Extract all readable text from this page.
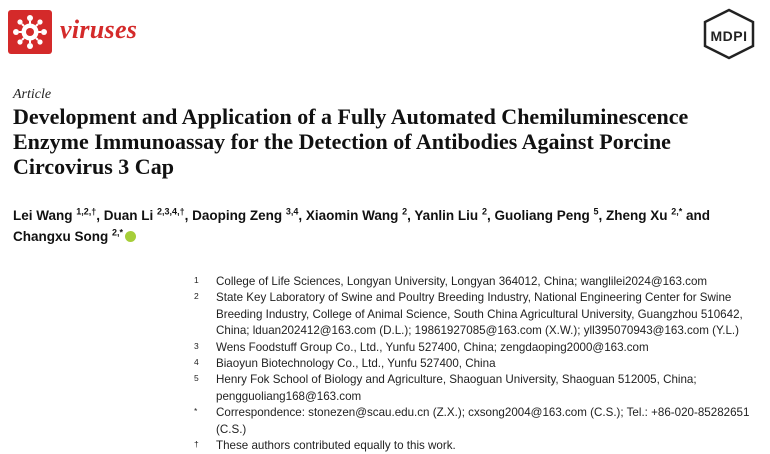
viruses	MDPI
Article
Development and Application of a Fully Automated Chemiluminescence Enzyme Immunoassay for the Detection of Antibodies Against Porcine Circovirus 3 Cap
Lei Wang $^{1,2,\dagger}$, Duan Li $^{2,3,4,\dagger}$, Daoping Zeng $^{3,4}$, Xiaomin Wang $^2$, Yanlin Liu $^2$, Guoliang Peng $^5$, Zheng Xu $^{2,*}$ and Changxu Song $^{2,*}$
1 College of Life Sciences, Longyan University, Longyan 364012, China; wanglilei2024@163.com
2 State Key Laboratory of Swine and Poultry Breeding Industry, National Engineering Center for Swine Breeding Industry, College of Animal Science, South China Agricultural University, Guangzhou 510642, China; lduan202412@163.com (D.L.); 19861927085@163.com (X.W.); yll395070943@163.com (Y.L.)
3 Wens Foodstuff Group Co., Ltd., Yunfu 527400, China; zengdaoping2000@163.com
4 Biaoyun Biotechnology Co., Ltd., Yunfu 527400, China
5 Henry Fok School of Biology and Agriculture, Shaoguan University, Shaoguan 512005, China; pengguoliang168@163.com
* Correspondence: stonezen@scau.edu.cn (Z.X.); cxsong2004@163.com (C.S.); Tel.: +86-020-85282651 (C.S.)
† These authors contributed equally to this work.
